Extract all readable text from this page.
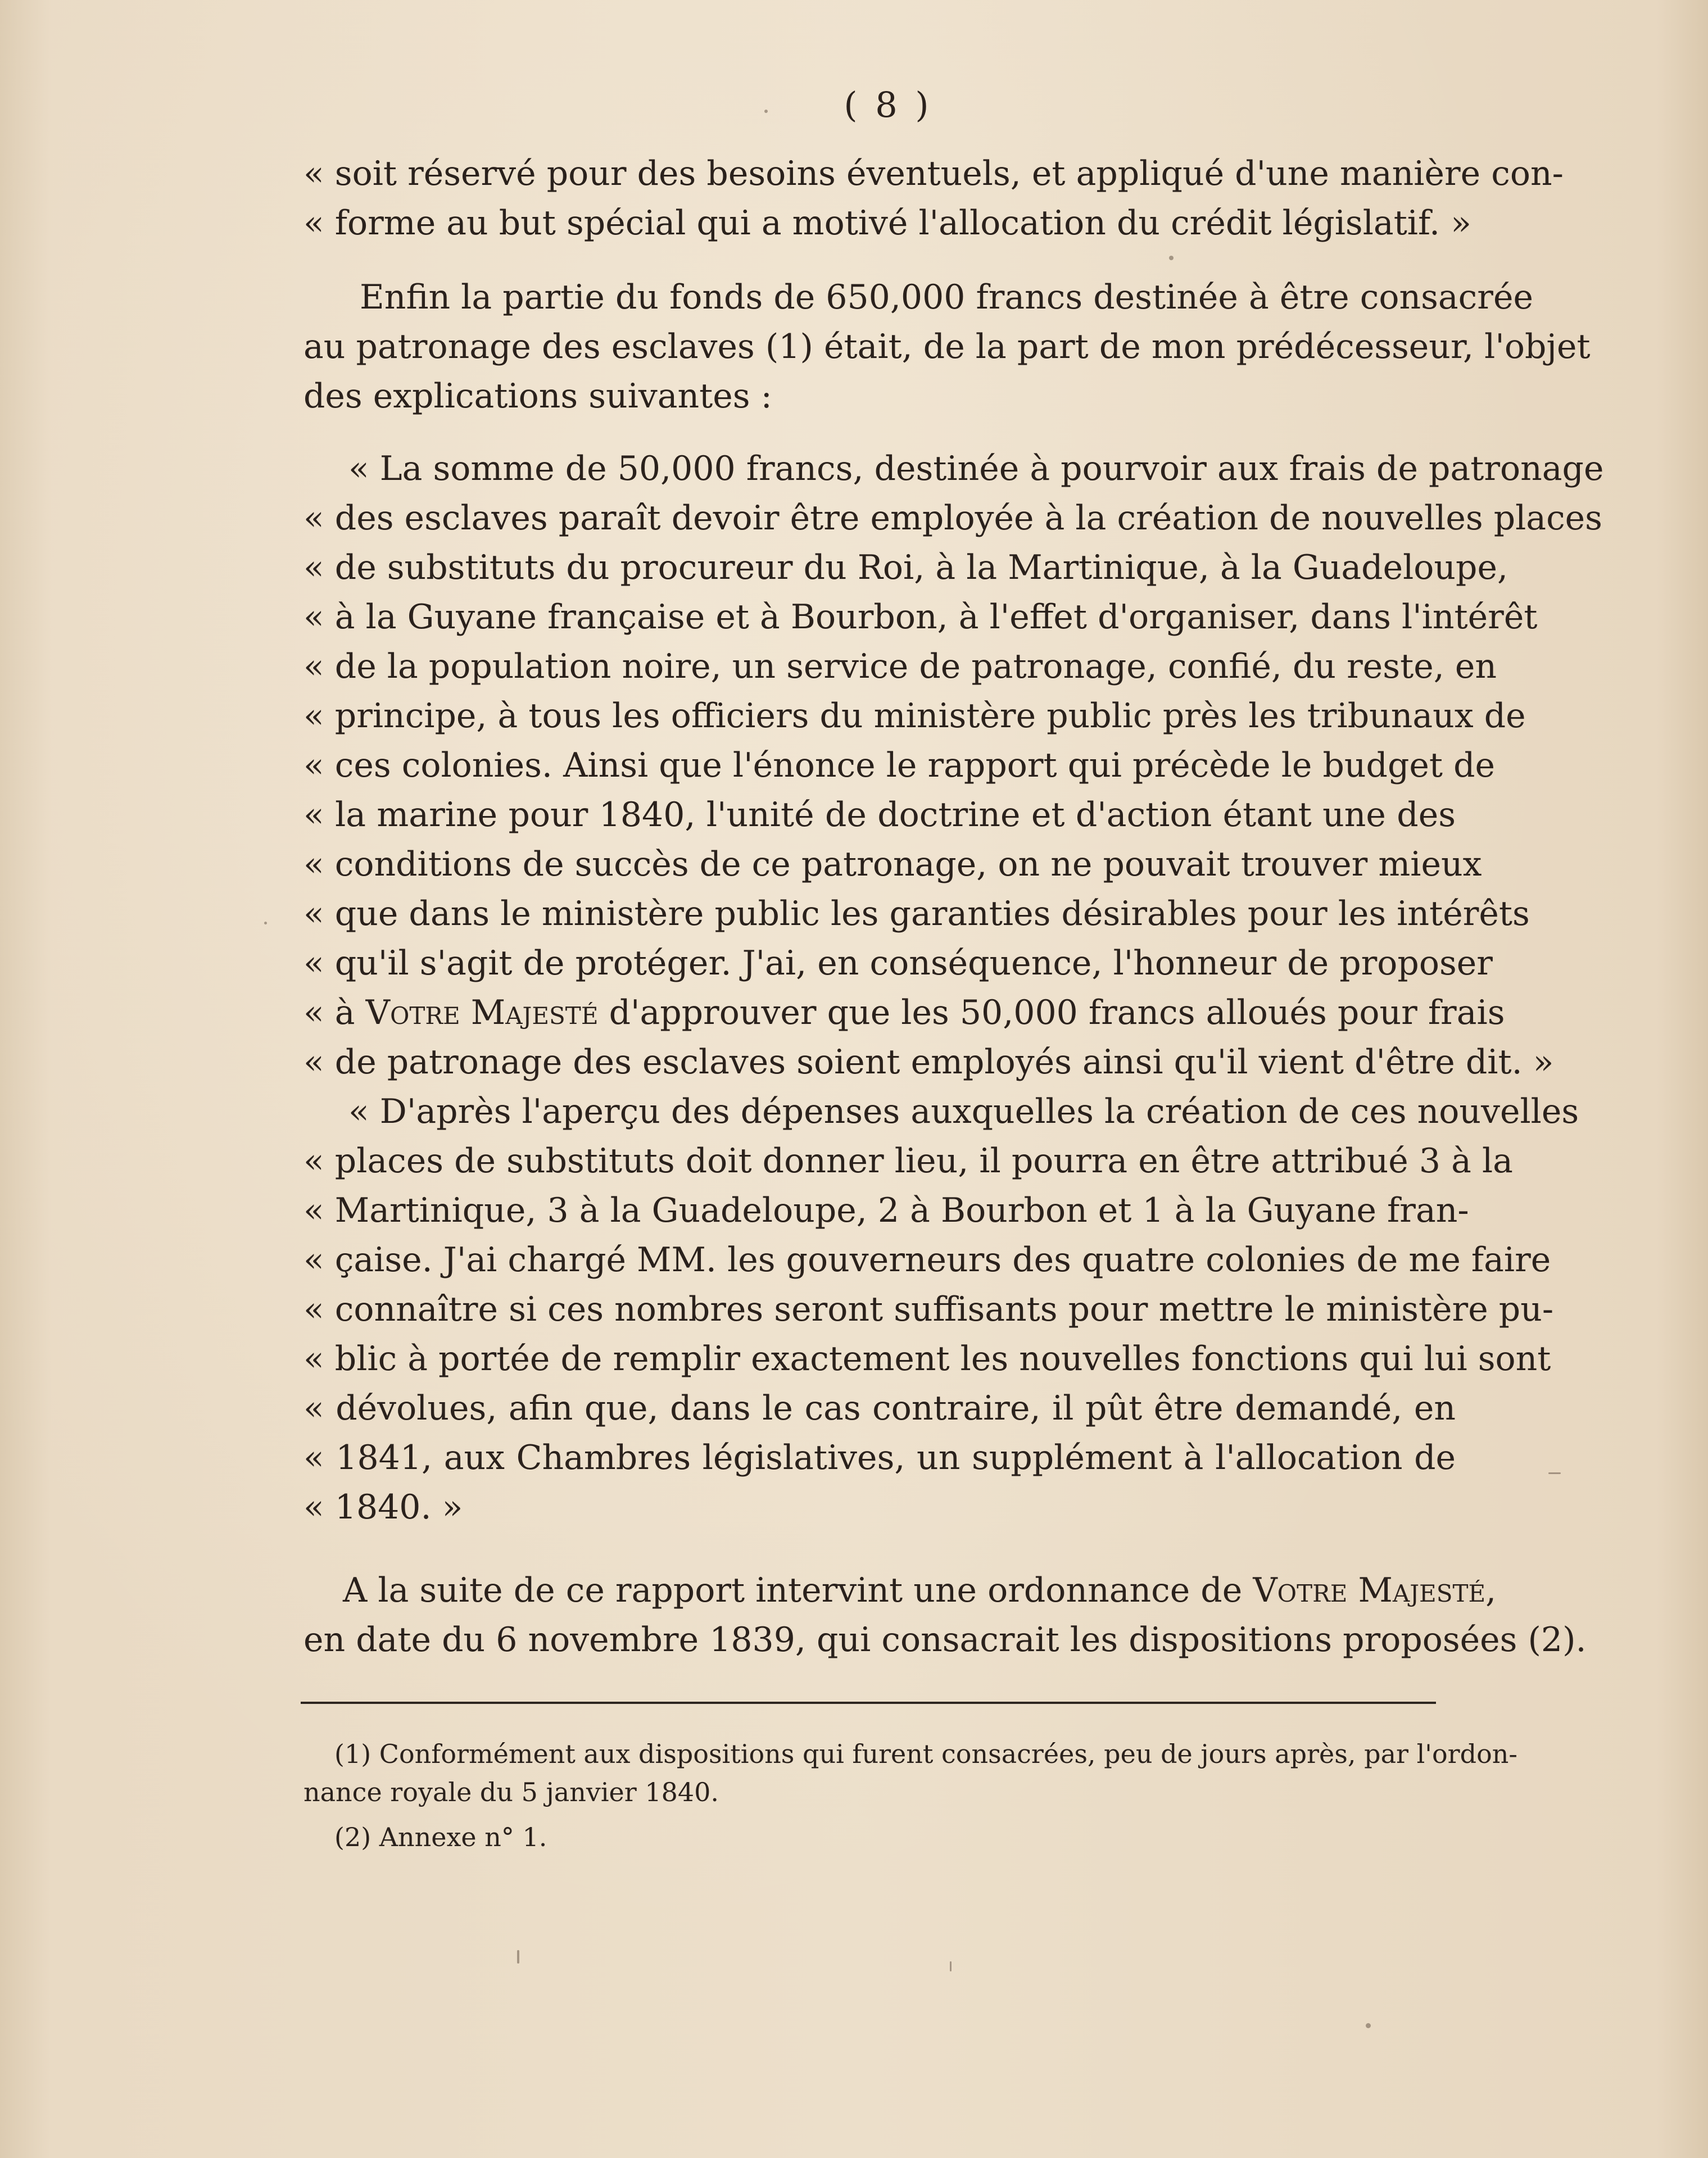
( 8 )
« soit réservé pour des besoins éventuels, et appliqué d'une manière con-
« forme au but spécial qui a motivé l'allocation du crédit législatif. »
Enfin la partie du fonds de 650,000 francs destinée à être consacrée
au patronage des esclaves (1) était, de la part de mon prédécesseur, l'objet
des explications suivantes :
« La somme de 50,000 francs, destinée à pourvoir aux frais de patronage
« des esclaves paraît devoir être employée à la création de nouvelles places
« de substituts du procureur du Roi, à la Martinique, à la Guadeloupe,
« à la Guyane française et à Bourbon, à l'effet d'organiser, dans l'intérêt
« de la population noire, un service de patronage, confié, du reste, en
« principe, à tous les officiers du ministère public près les tribunaux de
« ces colonies. Ainsi que l'énonce le rapport qui précède le budget de
« la marine pour 1840, l'unité de doctrine et d'action étant une des
« conditions de succès de ce patronage, on ne pouvait trouver mieux
« que dans le ministère public les garanties désirables pour les intérêts
« qu'il s'agit de protéger. J'ai, en conséquence, l'honneur de proposer
« à Votre Majesté d'approuver que les 50,000 francs alloués pour frais
« de patronage des esclaves soient employés ainsi qu'il vient d'être dit. »
« D'après l'aperçu des dépenses auxquelles la création de ces nouvelles
« places de substituts doit donner lieu, il pourra en être attribué 3 à la
« Martinique, 3 à la Guadeloupe, 2 à Bourbon et 1 à la Guyane fran-
« çaise. J'ai chargé MM. les gouverneurs des quatre colonies de me faire
« connaître si ces nombres seront suffisants pour mettre le ministère pu-
« blic à portée de remplir exactement les nouvelles fonctions qui lui sont
« dévolues, afin que, dans le cas contraire, il pût être demandé, en
« 1841, aux Chambres législatives, un supplément à l'allocation de
« 1840. »
A la suite de ce rapport intervint une ordonnance de Votre Majesté,
en date du 6 novembre 1839, qui consacrait les dispositions proposées (2).
(1) Conformément aux dispositions qui furent consacrées, peu de jours après, par l'ordon-
nance royale du 5 janvier 1840.
(2) Annexe n° 1.
